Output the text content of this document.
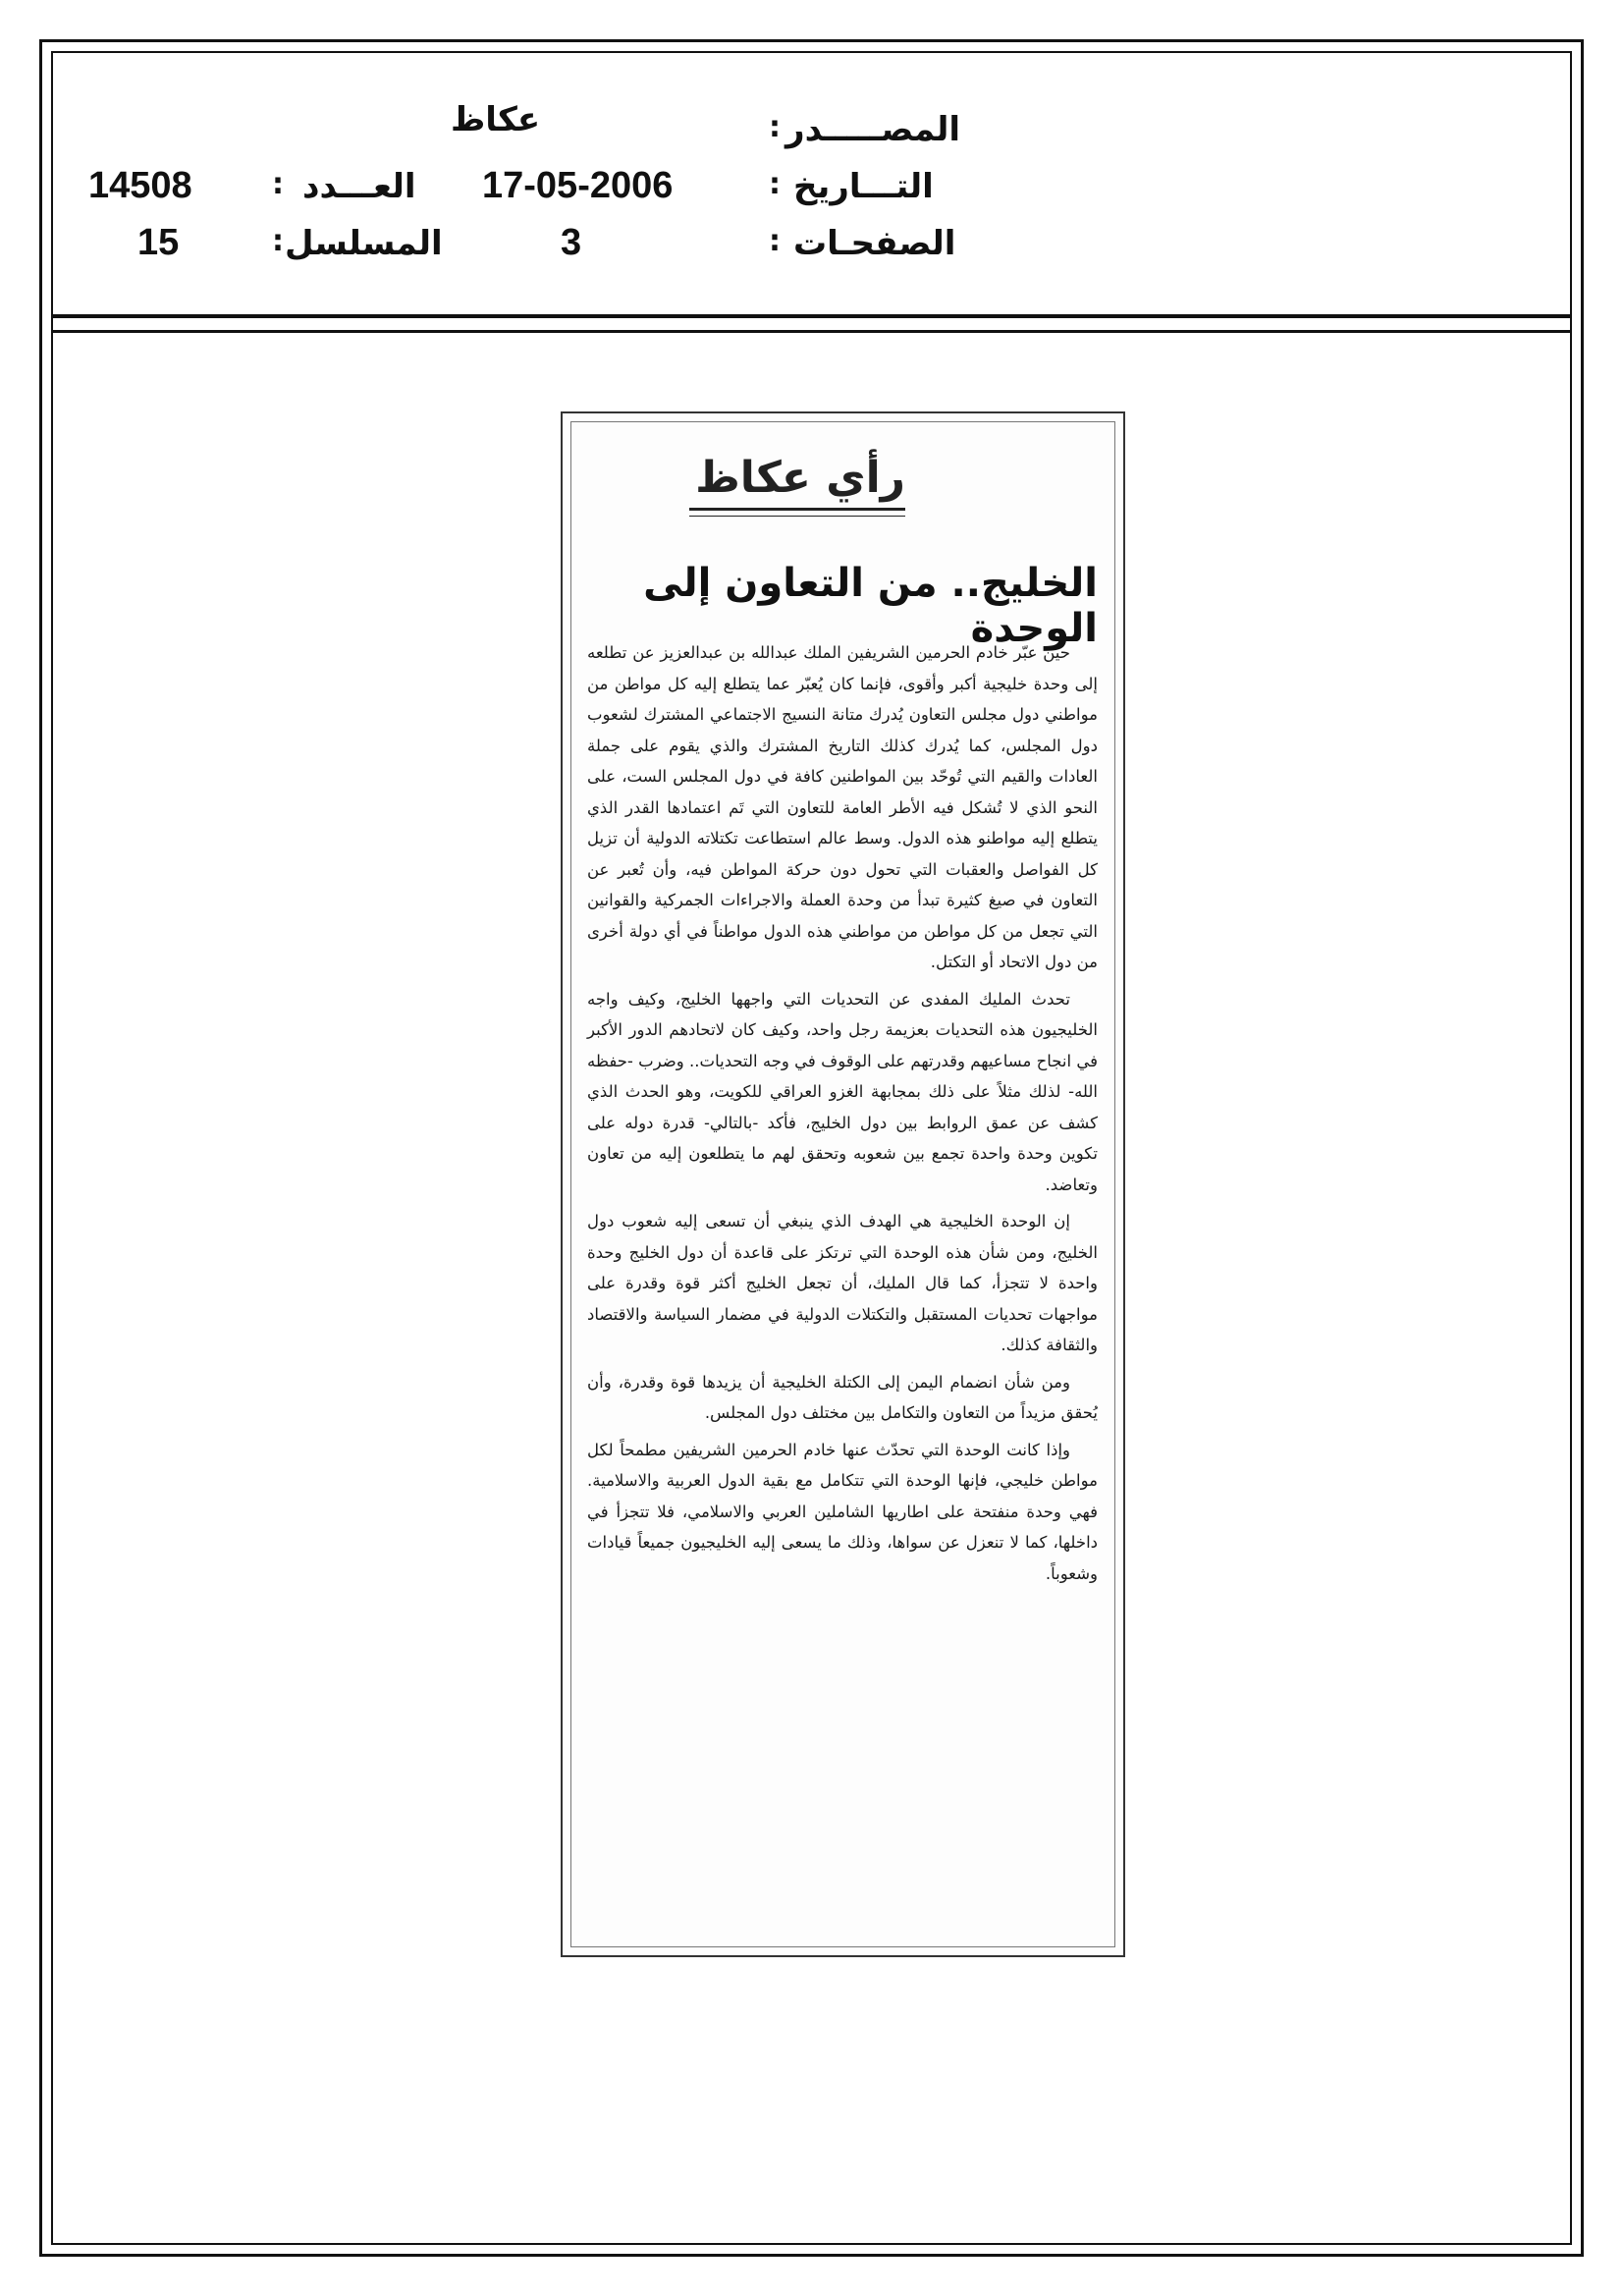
المصـــــدر
:
عكاظ
التـــاريخ
:
17-05-2006
العـــدد
:
14508
الصفحـات
:
3
المسلسل
:
15
رأي عكاظ
الخليج.. من التعاون إلى الوحدة

حين عبّر خادم الحرمين الشريفين الملك عبدالله بن عبدالعزيز عن تطلعه إلى وحدة خليجية أكبر وأقوى، فإنما كان يُعبّر عما يتطلع إليه كل مواطن من مواطني دول مجلس التعاون يُدرك متانة النسيج الاجتماعي المشترك لشعوب دول المجلس، كما يُدرك كذلك التاريخ المشترك والذي يقوم على جملة العادات والقيم التي تُوحّد بين المواطنين كافة في دول المجلس الست، على النحو الذي لا تُشكل فيه الأطر العامة للتعاون التي تَم اعتمادها القدر الذي يتطلع إليه مواطنو هذه الدول. وسط عالم استطاعت تكتلاته الدولية أن تزيل كل الفواصل والعقبات التي تحول دون حركة المواطن فيه، وأن تُعبر عن التعاون في صيغ كثيرة تبدأ من وحدة العملة والاجراءات الجمركية والقوانين التي تجعل من كل مواطن من مواطني هذه الدول مواطناً في أي دولة أخرى من دول الاتحاد أو التكتل.

تحدث المليك المفدى عن التحديات التي واجهها الخليج، وكيف واجه الخليجيون هذه التحديات بعزيمة رجل واحد، وكيف كان لاتحادهم الدور الأكبر في انجاح مساعيهم وقدرتهم على الوقوف في وجه التحديات.. وضرب -حفظه الله- لذلك مثلاً على ذلك بمجابهة الغزو العراقي للكويت، وهو الحدث الذي كشف عن عمق الروابط بين دول الخليج، فأكد -بالتالي- قدرة دوله على تكوين وحدة واحدة تجمع بين شعوبه وتحقق لهم ما يتطلعون إليه من تعاون وتعاضد.

إن الوحدة الخليجية هي الهدف الذي ينبغي أن تسعى إليه شعوب دول الخليج، ومن شأن هذه الوحدة التي ترتكز على قاعدة أن دول الخليج وحدة واحدة لا تتجزأ، كما قال المليك، أن تجعل الخليج أكثر قوة وقدرة على مواجهات تحديات المستقبل والتكتلات الدولية في مضمار السياسة والاقتصاد والثقافة كذلك.

ومن شأن انضمام اليمن إلى الكتلة الخليجية أن يزيدها قوة وقدرة، وأن يُحقق مزيداً من التعاون والتكامل بين مختلف دول المجلس.

وإذا كانت الوحدة التي تحدّث عنها خادم الحرمين الشريفين مطمحاً لكل مواطن خليجي، فإنها الوحدة التي تتكامل مع بقية الدول العربية والاسلامية. فهي وحدة منفتحة على اطاريها الشاملين العربي والاسلامي، فلا تتجزأ في داخلها، كما لا تنعزل عن سواها، وذلك ما يسعى إليه الخليجيون جميعاً قيادات وشعوباً.
